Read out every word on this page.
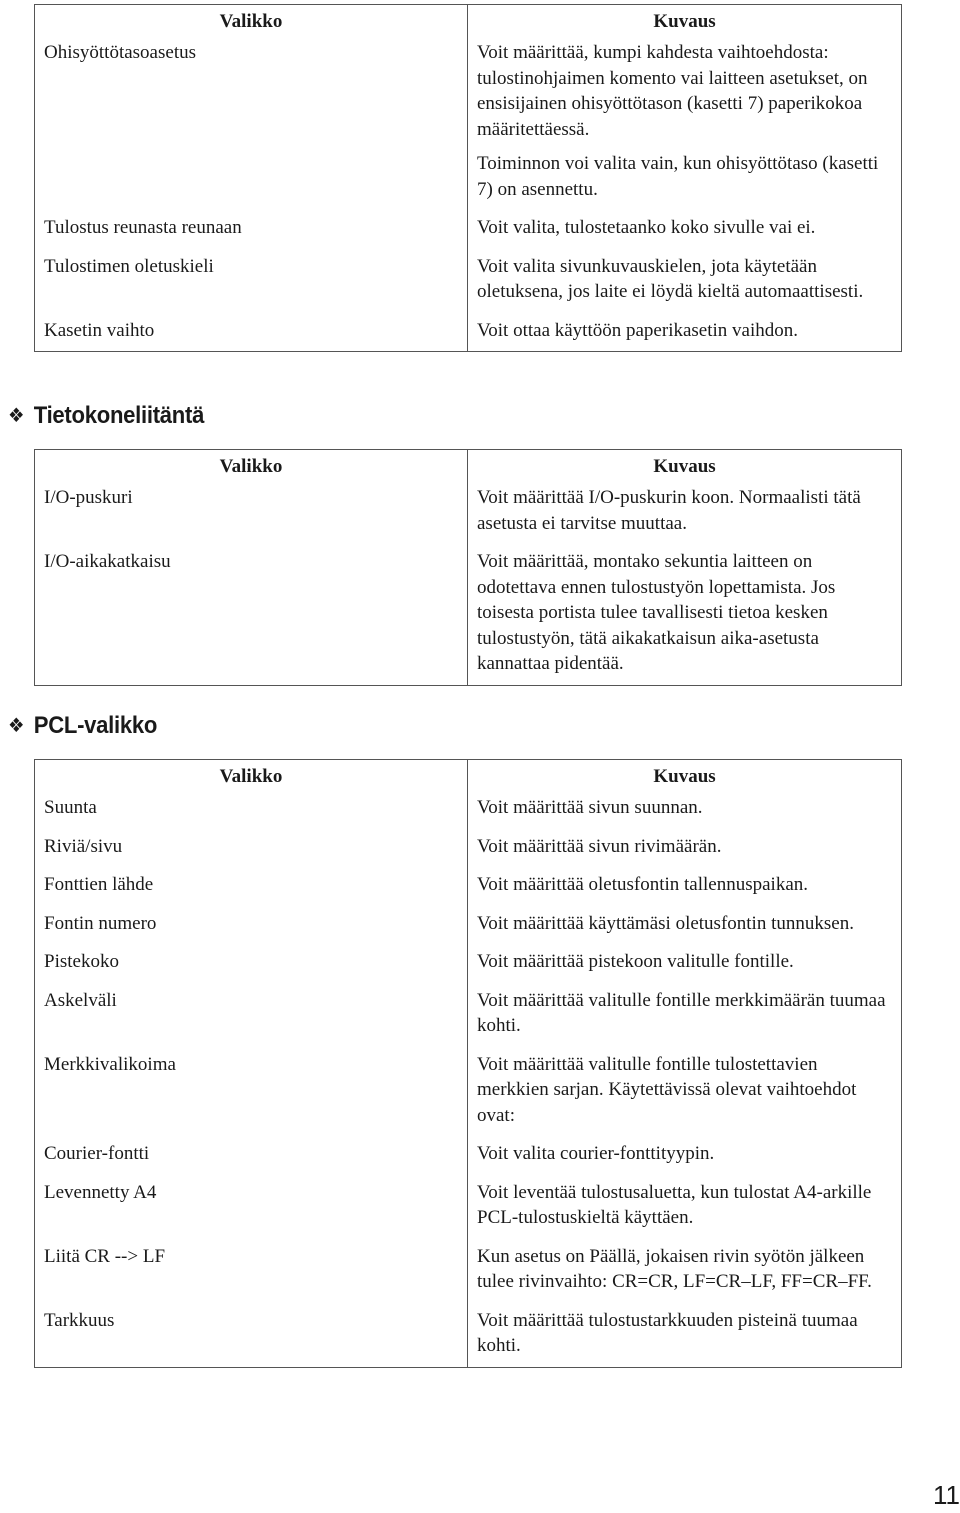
Valikko	Kuvaus
Ohisyöttötasoasetus	Voit määrittää, kumpi kahdesta vaihtoehdosta: tulostinohjaimen komento vai laitteen asetukset, on ensisijainen ohisyöttötason (kasetti 7) paperikokoa määritettäessä.
Toiminnon voi valita vain, kun ohisyöttötaso (kasetti 7) on asennettu.

Tulostus reunasta reunaan	Voit valita, tulostetaanko koko sivulle vai ei.
Tulostimen oletuskieli	Voit valita sivunkuvauskielen, jota käytetään oletuksena, jos laite ei löydä kieltä automaattisesti.
Kasetin vaihto	Voit ottaa käyttöön paperikasetin vaihdon.
❖ Tietokoneliitäntä
Valikko	Kuvaus
I/O-puskuri	Voit määrittää I/O-puskurin koon. Normaalisti tätä asetusta ei tarvitse muuttaa.
I/O-aikakatkaisu	Voit määrittää, montako sekuntia laitteen on odotettava ennen tulostustyön lopettamista. Jos toisesta portista tulee tavallisesti tietoa kesken tulostustyön, tätä aikakatkaisun aika-asetusta kannattaa pidentää.
❖ PCL-valikko
Valikko	Kuvaus
Suunta	Voit määrittää sivun suunnan.
Riviä/sivu	Voit määrittää sivun rivimäärän.
Fonttien lähde	Voit määrittää oletusfontin tallennuspaikan.
Fontin numero	Voit määrittää käyttämäsi oletusfontin tunnuksen.
Pistekoko	Voit määrittää pistekoon valitulle fontille.
Askelväli	Voit määrittää valitulle fontille merkkimäärän tuumaa kohti.
Merkkivalikoima	Voit määrittää valitulle fontille tulostettavien merkkien sarjan. Käytettävissä olevat vaihtoehdot ovat:
Courier-fontti	Voit valita courier-fonttityypin.
Levennetty A4	Voit leventää tulostusaluetta, kun tulostat A4-arkille PCL-tulostuskieltä käyttäen.
Liitä CR --> LF	Kun asetus on Päällä, jokaisen rivin syötön jälkeen tulee rivinvaihto: CR=CR, LF=CR–LF, FF=CR–FF.
Tarkkuus	Voit määrittää tulostustarkkuuden pisteinä tuumaa kohti.
11
